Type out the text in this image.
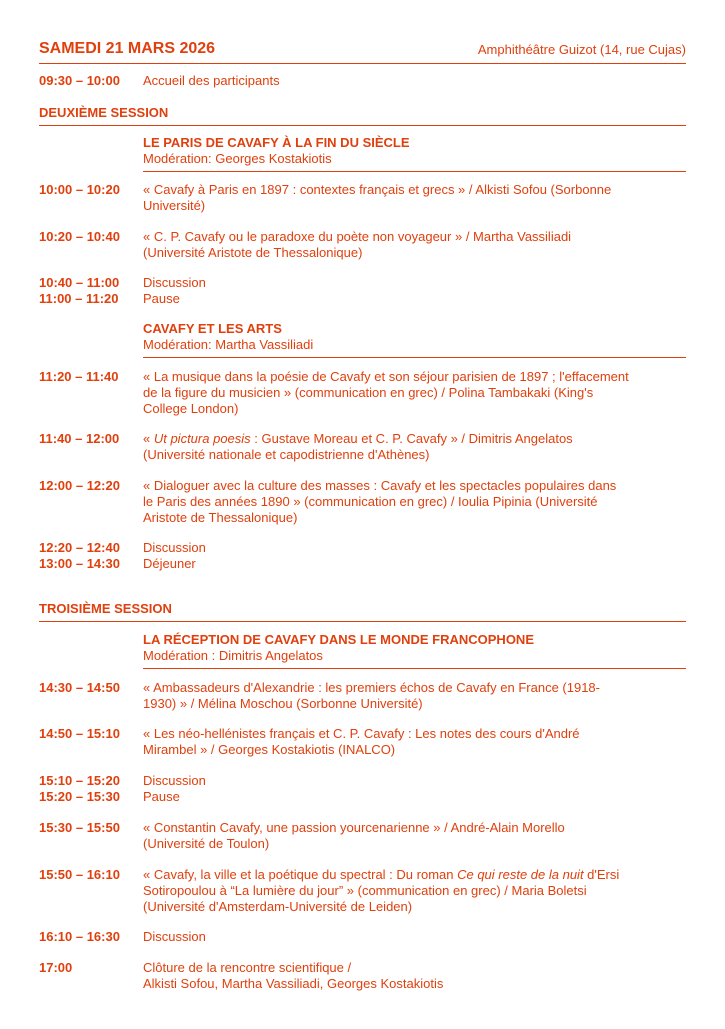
SAMEDI 21 MARS 2026	Amphithéâtre Guizot (14, rue Cujas)
09:30 – 10:00	Accueil des participants
DEUXIÈME SESSION
LE PARIS DE CAVAFY À LA FIN DU SIÈCLE
Modération: Georges Kostakiotis
10:00 – 10:20	« Cavafy à Paris en 1897 : contextes français et grecs » / Alkisti Sofou (Sorbonne
Université)
10:20 – 10:40	« C. P. Cavafy ou le paradoxe du poète non voyageur » / Martha Vassiliadi
(Université Aristote de Thessalonique)
10:40 – 11:00	Discussion
11:00 – 11:20	Pause
CAVAFY ET LES ARTS
Modération: Martha Vassiliadi
11:20 – 11:40	« La musique dans la poésie de Cavafy et son séjour parisien de 1897 ; l'effacement
de la figure du musicien » (communication en grec) / Polina Tambakaki (King's
College London)
11:40 – 12:00	« Ut pictura poesis : Gustave Moreau et C. P. Cavafy » / Dimitris Angelatos
(Université nationale et capodistrienne d'Athènes)
12:00 – 12:20	« Dialoguer avec la culture des masses : Cavafy et les spectacles populaires dans
le Paris des années 1890 » (communication en grec) / Ioulia Pipinia (Université
Aristote de Thessalonique)
12:20 – 12:40	Discussion
13:00 – 14:30	Déjeuner
TROISIÈME SESSION
LA RÉCEPTION DE CAVAFY DANS LE MONDE FRANCOPHONE
Modération : Dimitris Angelatos
14:30 – 14:50	« Ambassadeurs d'Alexandrie : les premiers échos de Cavafy en France (1918-
1930) » / Mélina Moschou (Sorbonne Université)
14:50 – 15:10	« Les néo-hellénistes français et C. P. Cavafy : Les notes des cours d'André
Mirambel » / Georges Kostakiotis (INALCO)
15:10 – 15:20	Discussion
15:20 – 15:30	Pause
15:30 – 15:50	« Constantin Cavafy, une passion yourcenarienne » / André-Alain Morello
(Université de Toulon)
15:50 – 16:10	« Cavafy, la ville et la poétique du spectral : Du roman Ce qui reste de la nuit d'Ersi
Sotiropoulou à “La lumière du jour” » (communication en grec) / Maria Boletsi
(Université d'Amsterdam-Université de Leiden)
16:10 – 16:30	Discussion
17:00	Clôture de la rencontre scientifique /
Alkisti Sofou, Martha Vassiliadi, Georges Kostakiotis
